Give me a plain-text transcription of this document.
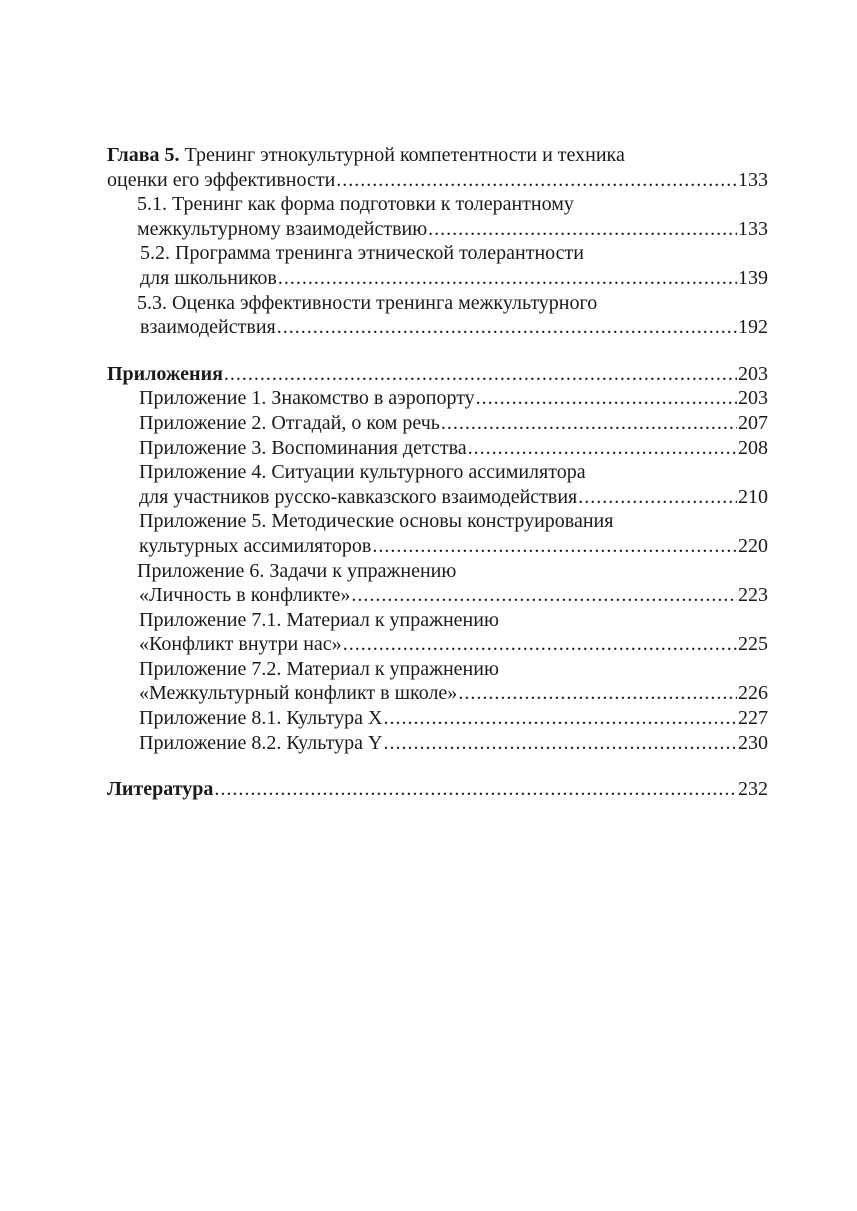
Глава 5. Тренинг этнокультурной компетентности и техника
оценки его эффективности .....	133
5.1. Тренинг как форма подготовки к толерантному
межкультурному взаимодействию .....	133
5.2. Программа тренинга этнической толерантности
для школьников .....	139
5.3. Оценка эффективности тренинга межкультурного
взаимодействия .....	192
Приложения .....	203
Приложение 1. Знакомство в аэропорту .....	203
Приложение 2. Отгадай, о ком речь .....	207
Приложение 3. Воспоминания детства .....	208
Приложение 4. Ситуации культурного ассимилятора
для участников русско-кавказского взаимодействия .....	210
Приложение 5. Методические основы конструирования
культурных ассимиляторов .....	220
Приложение 6. Задачи к упражнению
«Личность в конфликте» .....	223
Приложение 7.1. Материал к упражнению
«Конфликт внутри нас» .....	225
Приложение 7.2. Материал к упражнению
«Межкультурный конфликт в школе» .....	226
Приложение 8.1. Культура X .....	227
Приложение 8.2. Культура Y .....	230
Литература .....	232
